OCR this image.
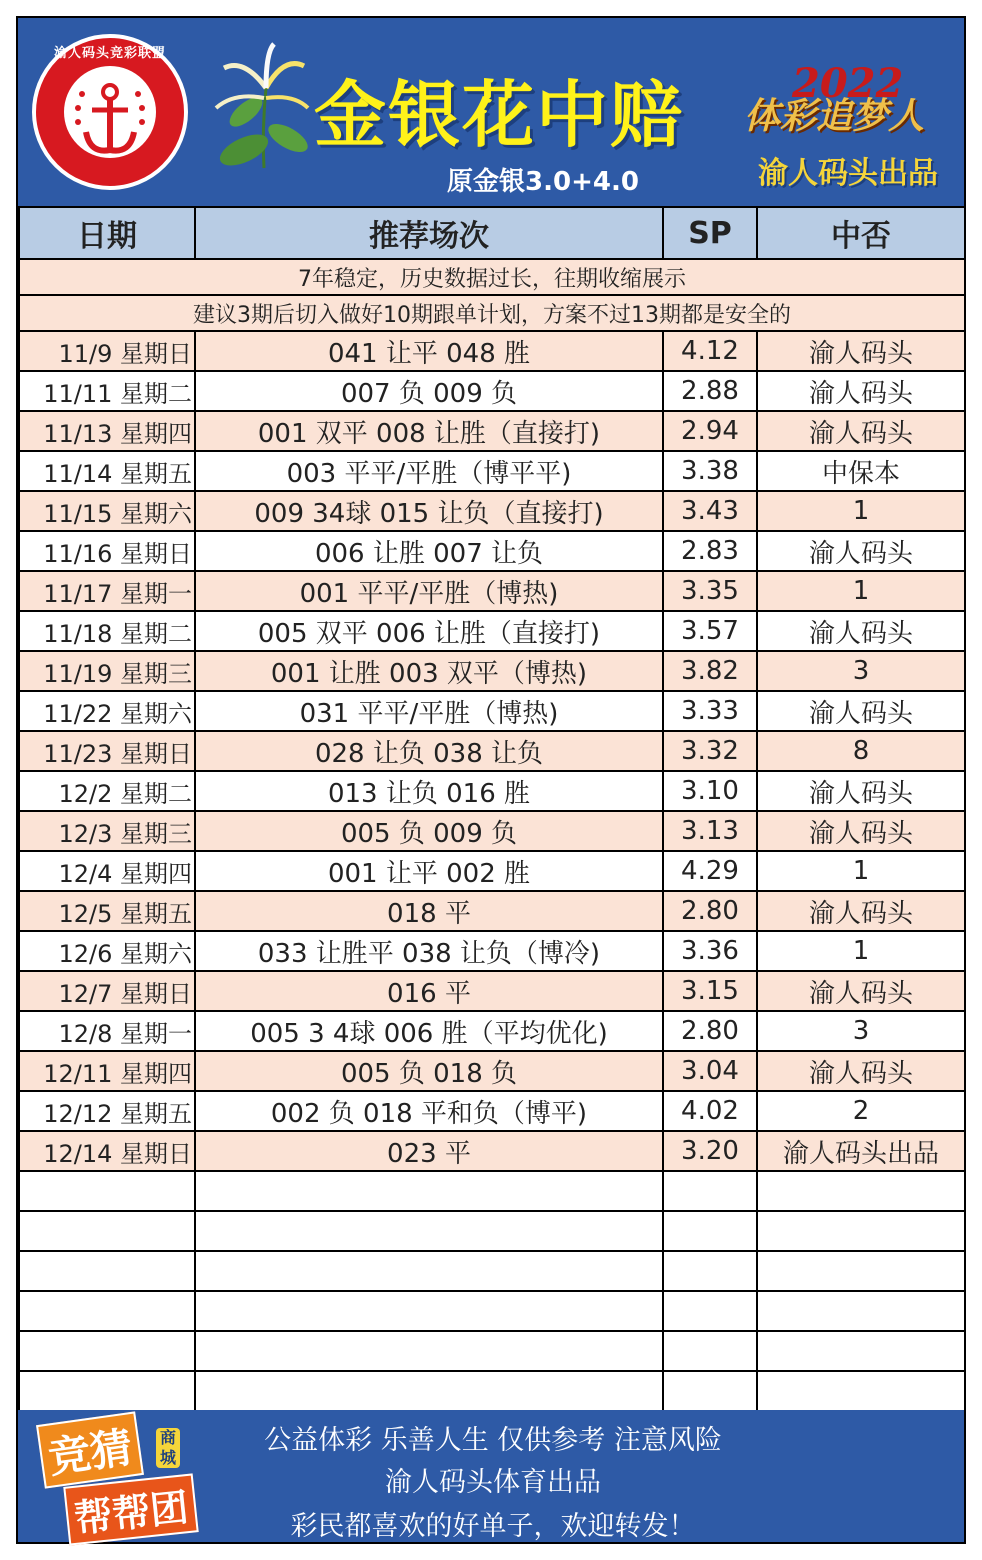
渝人码头竞彩联盟
金银花中赔
原金银3.0+4.0
2022
体彩追梦人
渝人码头出品
日期	推荐场次	SP	中否
7年稳定，历史数据过长，往期收缩展示			
建议3期后切入做好10期跟单计划，方案不过13期都是安全的			
11/9 星期日	041 让平 048 胜	4.12	渝人码头
11/11 星期二	007 负 009 负	2.88	渝人码头
11/13 星期四	001 双平 008 让胜（直接打)	2.94	渝人码头
11/14 星期五	003 平平/平胜（博平平)	3.38	中保本
11/15 星期六	009 34球 015 让负（直接打)	3.43	1
11/16 星期日	006 让胜 007 让负	2.83	渝人码头
11/17 星期一	001 平平/平胜（博热)	3.35	1
11/18 星期二	005 双平 006 让胜（直接打)	3.57	渝人码头
11/19 星期三	001 让胜 003 双平（博热)	3.82	3
11/22 星期六	031 平平/平胜（博热)	3.33	渝人码头
11/23 星期日	028 让负 038 让负	3.32	8
12/2 星期二	013 让负 016 胜	3.10	渝人码头
12/3 星期三	005 负 009 负	3.13	渝人码头
12/4 星期四	001 让平 002 胜	4.29	1
12/5 星期五	018 平	2.80	渝人码头
12/6 星期六	033 让胜平 038 让负（博冷)	3.36	1
12/7 星期日	016 平	3.15	渝人码头
12/8 星期一	005 3 4球 006 胜（平均优化)	2.80	3
12/11 星期四	005 负 018 负	3.04	渝人码头
12/12 星期五	002 负 018 平和负（博平)	4.02	2
12/14 星期日	023 平	3.20	渝人码头出品

竞猜	商城
帮帮团
公益体彩 乐善人生 仅供参考 注意风险
渝人码头体育出品
彩民都喜欢的好单子，欢迎转发！
